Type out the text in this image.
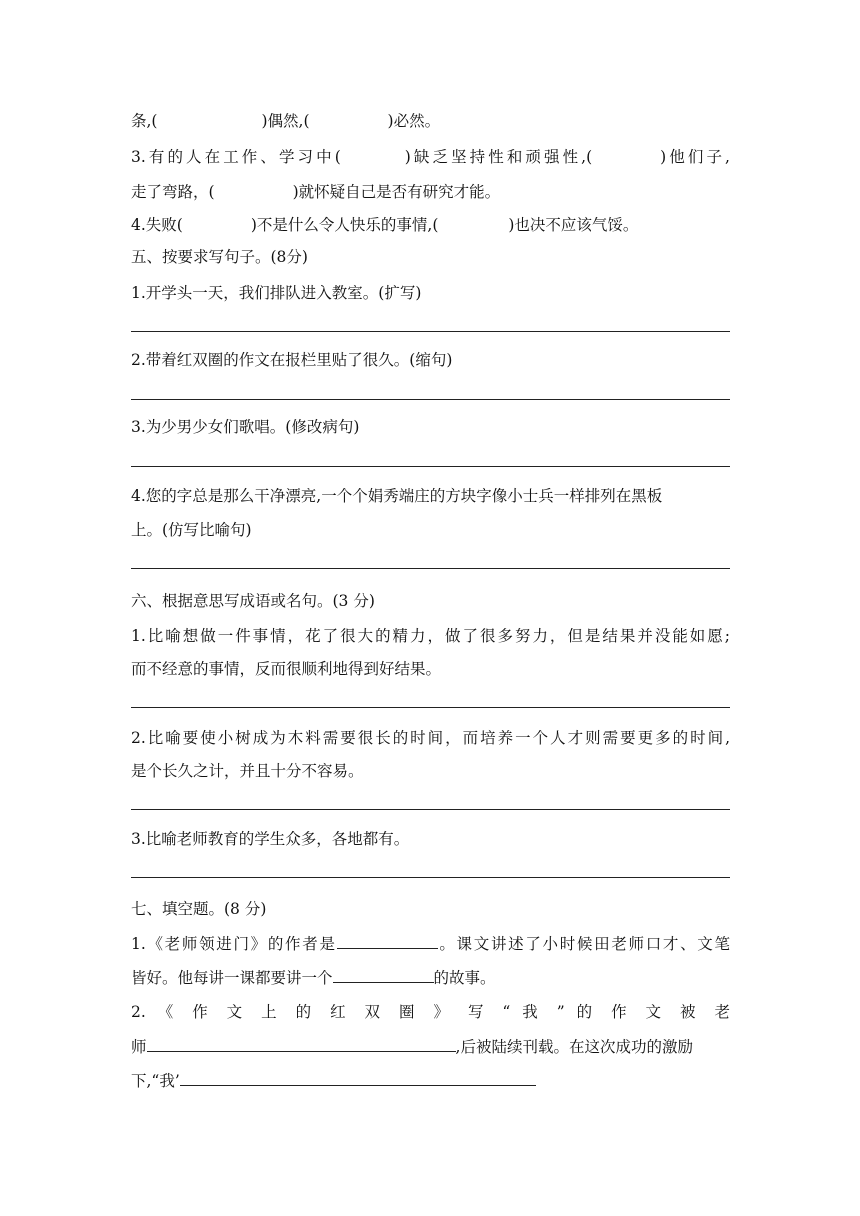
条,(	)偶然,(	)必然。
3.有的人在工作、学习中(	)缺乏坚持性和顽强性,(	)他们子,
走了弯路，(	)就怀疑自己是否有研究才能。
4.失败(	)不是什么令人快乐的事情,(	)也决不应该气馁。
五、按要求写句子。(8分)
1.开学头一天，我们排队进入教室。(扩写)
2.带着红双圈的作文在报栏里贴了很久。(缩句)
3.为少男少女们歌唱。(修改病句)
4.您的字总是那么干净漂亮,一个个娟秀端庄的方块字像小士兵一样排列在黑板
上。(仿写比喻句)
六、根据意思写成语或名句。(3 分)
1.比喻想做一件事情，花了很大的精力，做了很多努力，但是结果并没能如愿;
而不经意的事情，反而很顺利地得到好结果。
2.比喻要使小树成为木料需要很长的时间，而培养一个人才则需要更多的时间,
是个长久之计，并且十分不容易。
3.比喻老师教育的学生众多，各地都有。
七、填空题。(8 分)
1.《老师领进门》的作者是	。课文讲述了小时候田老师口才、文笔
皆好。他每讲一课都要讲一个	的故事。
2. 《 作 文 上 的 红 双 圈 》 写 “ 我 ” 的 作 文 被 老
师	,后被陆续刊载。在这次成功的激励
下,“我’
